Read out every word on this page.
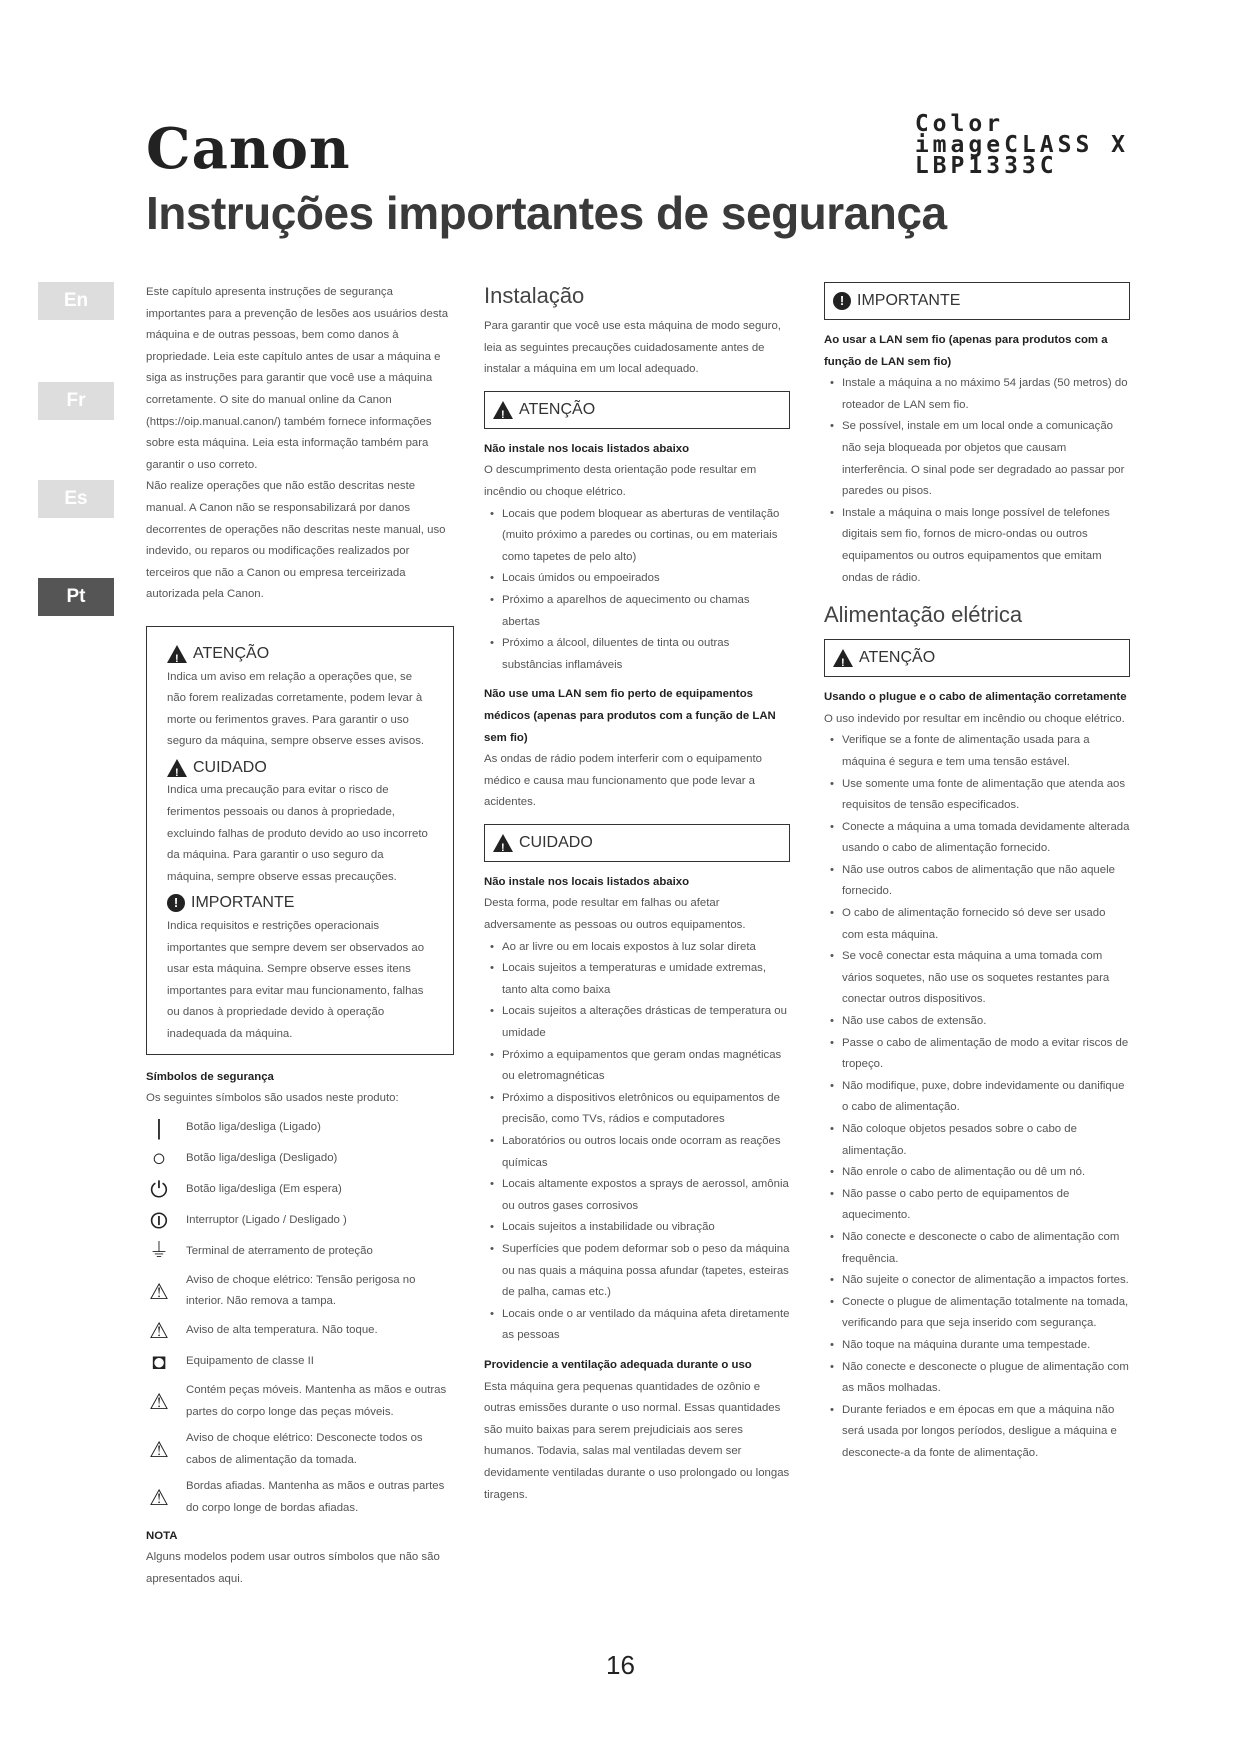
Canon	Color
imageCLASS X
LBP1333C
Instruções importantes de segurança
En
Fr
Es
Pt

Este capítulo apresenta instruções de segurança importantes para a prevenção de lesões aos usuários desta máquina e de outras pessoas, bem como danos à propriedade. Leia este capítulo antes de usar a máquina e siga as instruções para garantir que você use a máquina corretamente. O site do manual online da Canon (https://oip.manual.canon/) também fornece informações sobre esta máquina. Leia esta informação também para garantir o uso correto.

Não realize operações que não estão descritas neste manual. A Canon não se responsabilizará por danos decorrentes de operações não descritas neste manual, uso indevido, ou reparos ou modificações realizados por terceiros que não a Canon ou empresa terceirizada autorizada pela Canon.

!
ATENÇÃO

Indica um aviso em relação a operações que, se não forem realizadas corretamente, podem levar à morte ou ferimentos graves. Para garantir o uso seguro da máquina, sempre observe esses avisos.

!
CUIDADO

Indica uma precaução para evitar o risco de ferimentos pessoais ou danos à propriedade, excluindo falhas de produto devido ao uso incorreto da máquina. Para garantir o uso seguro da máquina, sempre observe essas precauções.

! IMPORTANTE

Indica requisitos e restrições operacionais importantes que sempre devem ser observados ao usar esta máquina. Sempre observe esses itens importantes para evitar mau funcionamento, falhas ou danos à propriedade devido à operação inadequada da máquina.

Símbolos de segurança

Os seguintes símbolos são usados neste produto:

|	Botão liga/desliga (Ligado)
○	Botão liga/desliga (Desligado)
⏻	Botão liga/desliga (Em espera)
⏼	Interruptor (Ligado / Desligado )
⏚ Terminal de aterramento de proteção
⚠ Aviso de choque elétrico: Tensão perigosa no interior. Não remova a tampa.
⚠ Aviso de alta temperatura. Não toque.
◘	Equipamento de classe II
⚠ Contém peças móveis. Mantenha as mãos e outras partes do corpo longe das peças móveis.
⚠ Aviso de choque elétrico: Desconecte todos os cabos de alimentação da tomada.
⚠ Bordas afiadas. Mantenha as mãos e outras partes do corpo longe de bordas afiadas.
NOTA

Alguns modelos podem usar outros símbolos que não são apresentados aqui.

Instalação

Para garantir que você use esta máquina de modo seguro, leia as seguintes precauções cuidadosamente antes de instalar a máquina em um local adequado.

!
ATENÇÃO
Não instale nos locais listados abaixo

O descumprimento desta orientação pode resultar em incêndio ou choque elétrico.

• Locais que podem bloquear as aberturas de ventilação (muito próximo a paredes ou cortinas, ou em materiais como tapetes de pelo alto)
• Locais úmidos ou empoeirados
• Próximo a aparelhos de aquecimento ou chamas abertas
• Próximo a álcool, diluentes de tinta ou outras substâncias inflamáveis
Não use uma LAN sem fio perto de equipamentos médicos (apenas para produtos com a função de LAN sem fio)

As ondas de rádio podem interferir com o equipamento médico e causa mau funcionamento que pode levar a acidentes.

!
CUIDADO
Não instale nos locais listados abaixo

Desta forma, pode resultar em falhas ou afetar adversamente as pessoas ou outros equipamentos.

• Ao ar livre ou em locais expostos à luz solar direta
• Locais sujeitos a temperaturas e umidade extremas, tanto alta como baixa
• Locais sujeitos a alterações drásticas de temperatura ou umidade
• Próximo a equipamentos que geram ondas magnéticas ou eletromagnéticas
• Próximo a dispositivos eletrônicos ou equipamentos de precisão, como TVs, rádios e computadores
• Laboratórios ou outros locais onde ocorram as reações químicas
• Locais altamente expostos a sprays de aerossol, amônia ou outros gases corrosivos
• Locais sujeitos a instabilidade ou vibração
• Superfícies que podem deformar sob o peso da máquina ou nas quais a máquina possa afundar (tapetes, esteiras de palha, camas etc.)
• Locais onde o ar ventilado da máquina afeta diretamente as pessoas
Providencie a ventilação adequada durante o uso

Esta máquina gera pequenas quantidades de ozônio e outras emissões durante o uso normal. Essas quantidades são muito baixas para serem prejudiciais aos seres humanos. Todavia, salas mal ventiladas devem ser devidamente ventiladas durante o uso prolongado ou longas tiragens.

! IMPORTANTE
Ao usar a LAN sem fio (apenas para produtos com a função de LAN sem fio)
• Instale a máquina a no máximo 54 jardas (50 metros) do roteador de LAN sem fio.
• Se possível, instale em um local onde a comunicação não seja bloqueada por objetos que causam interferência. O sinal pode ser degradado ao passar por paredes ou pisos.
• Instale a máquina o mais longe possível de telefones digitais sem fio, fornos de micro-ondas ou outros equipamentos ou outros equipamentos que emitam ondas de rádio.
Alimentação elétrica
!
ATENÇÃO
Usando o plugue e o cabo de alimentação corretamente

O uso indevido por resultar em incêndio ou choque elétrico.

• Verifique se a fonte de alimentação usada para a máquina é segura e tem uma tensão estável.
• Use somente uma fonte de alimentação que atenda aos requisitos de tensão especificados.
• Conecte a máquina a uma tomada devidamente alterada usando o cabo de alimentação fornecido.
• Não use outros cabos de alimentação que não aquele fornecido.
• O cabo de alimentação fornecido só deve ser usado com esta máquina.
• Se você conectar esta máquina a uma tomada com vários soquetes, não use os soquetes restantes para conectar outros dispositivos.
• Não use cabos de extensão.
• Passe o cabo de alimentação de modo a evitar riscos de tropeço.
• Não modifique, puxe, dobre indevidamente ou danifique o cabo de alimentação.
• Não coloque objetos pesados sobre o cabo de alimentação.
• Não enrole o cabo de alimentação ou dê um nó.
• Não passe o cabo perto de equipamentos de aquecimento.
• Não conecte e desconecte o cabo de alimentação com frequência.
• Não sujeite o conector de alimentação a impactos fortes.
• Conecte o plugue de alimentação totalmente na tomada, verificando para que seja inserido com segurança.
• Não toque na máquina durante uma tempestade.
• Não conecte e desconecte o plugue de alimentação com as mãos molhadas.
• Durante feriados e em épocas em que a máquina não será usada por longos períodos, desligue a máquina e desconecte-a da fonte de alimentação.
16
